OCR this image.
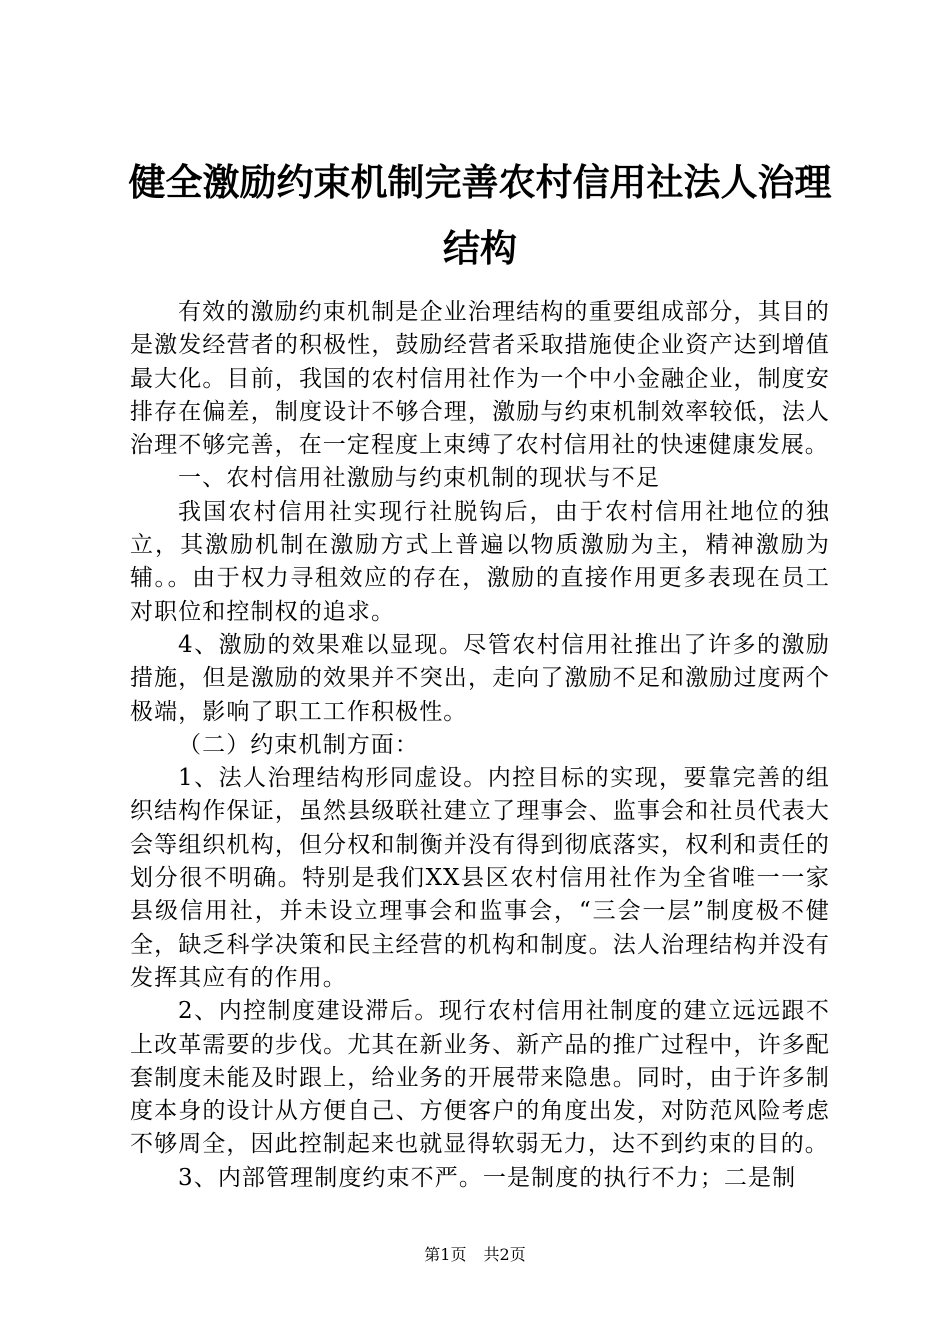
健全激励约束机制完善农村信用社法人治理结构

有效的激励约束机制是企业治理结构的重要组成部分，其目的是激发经营者的积极性，鼓励经营者采取措施使企业资产达到增值最大化。目前，我国的农村信用社作为一个中小金融企业，制度安排存在偏差，制度设计不够合理，激励与约束机制效率较低，法人治理不够完善，在一定程度上束缚了农村信用社的快速健康发展。

一、农村信用社激励与约束机制的现状与不足

我国农村信用社实现行社脱钩后，由于农村信用社地位的独立，其激励机制在激励方式上普遍以物质激励为主，精神激励为辅。。由于权力寻租效应的存在，激励的直接作用更多表现在员工对职位和控制权的追求。

4、激励的效果难以显现。尽管农村信用社推出了许多的激励措施，但是激励的效果并不突出，走向了激励不足和激励过度两个极端，影响了职工工作积极性。

（二）约束机制方面：

1、法人治理结构形同虚设。内控目标的实现，要靠完善的组织结构作保证，虽然县级联社建立了理事会、监事会和社员代表大会等组织机构，但分权和制衡并没有得到彻底落实，权利和责任的划分很不明确。特别是我们XX县区农村信用社作为全省唯一一家县级信用社，并未设立理事会和监事会，“三会一层”制度极不健全，缺乏科学决策和民主经营的机构和制度。法人治理结构并没有发挥其应有的作用。

2、内控制度建设滞后。现行农村信用社制度的建立远远跟不上改革需要的步伐。尤其在新业务、新产品的推广过程中，许多配套制度未能及时跟上，给业务的开展带来隐患。同时，由于许多制度本身的设计从方便自己、方便客户的角度出发，对防范风险考虑不够周全，因此控制起来也就显得软弱无力，达不到约束的目的。

3、内部管理制度约束不严。一是制度的执行不力；二是制

第1页 共2页
